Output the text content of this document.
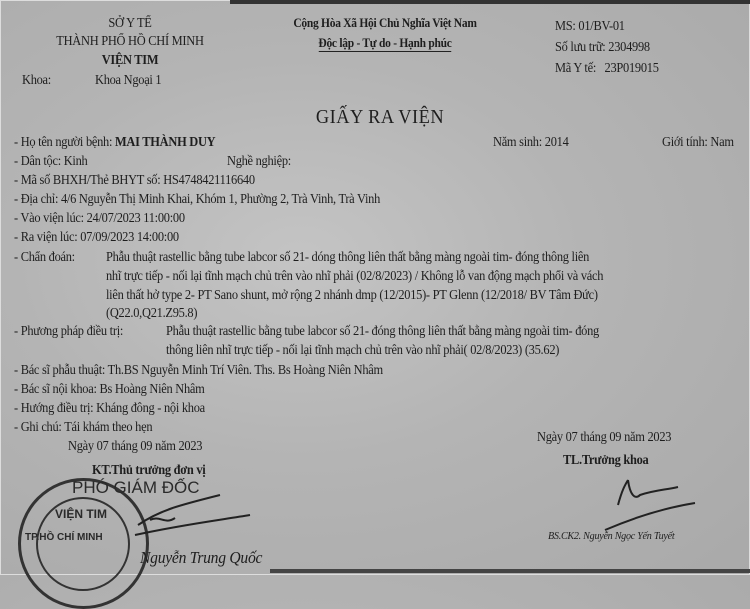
SỞ Y TẾ
THÀNH PHỐ HỒ CHÍ MINH
VIỆN TIM
Khoa:	Khoa Ngoại 1
Cộng Hòa Xã Hội Chủ Nghĩa Việt Nam
Độc lập - Tự do - Hạnh phúc
MS: 01/BV-01
Số lưu trữ: 2304998
Mã Y tế: 23P019015
GIẤY RA VIỆN
- Họ tên người bệnh: MAI THÀNH DUY	Năm sinh: 2014	Giới tính: Nam
- Dân tộc: Kinh	Nghề nghiệp:
- Mã số BHXH/Thẻ BHYT số: HS4748421116640
- Địa chỉ: 4/6 Nguyễn Thị Minh Khai, Khóm 1, Phường 2, Trà Vinh, Trà Vinh
- Vào viện lúc: 24/07/2023 11:00:00
- Ra viện lúc: 07/09/2023 14:00:00
- Chẩn đoán: Phẫu thuật rastellic bằng tube labcor số 21- dóng thông liên thất bằng màng ngoài tim- đóng thông liên
nhĩ trực tiếp - nối lại tĩnh mạch chủ trên vào nhĩ phải (02/8/2023) / Không lỗ van động mạch phổi và vách
liên thất hở type 2- PT Sano shunt, mở rộng 2 nhánh dmp (12/2015)- PT Glenn (12/2018/ BV Tâm Đức)
(Q22.0,Q21.Z95.8)
- Phương pháp điều trị:	Phẫu thuật rastellic bằng tube labcor số 21- đóng thông liên thất bằng màng ngoài tim- đóng
thông liên nhĩ trực tiếp - nối lại tĩnh mạch chủ trên vào nhĩ phải( 02/8/2023) (35.62)
- Bác sĩ phẫu thuật: Th.BS Nguyễn Minh Trí Viên. Ths. Bs Hoàng Niên Nhâm
- Bác sĩ nội khoa: Bs Hoàng Niên Nhâm
- Hướng điều trị: Kháng đông - nội khoa
- Ghi chú: Tái khám theo hẹn
Ngày 07 tháng 09 năm 2023
KT.Thủ trưởng đơn vị
PHÓ GIÁM ĐỐC
VIỆN TIM
TP.HỒ CHÍ MINH
Nguyễn Trung Quốc
Ngày 07 tháng 09 năm 2023
TL.Trưởng khoa
BS.CK2. Nguyễn Ngọc Yến Tuyết
